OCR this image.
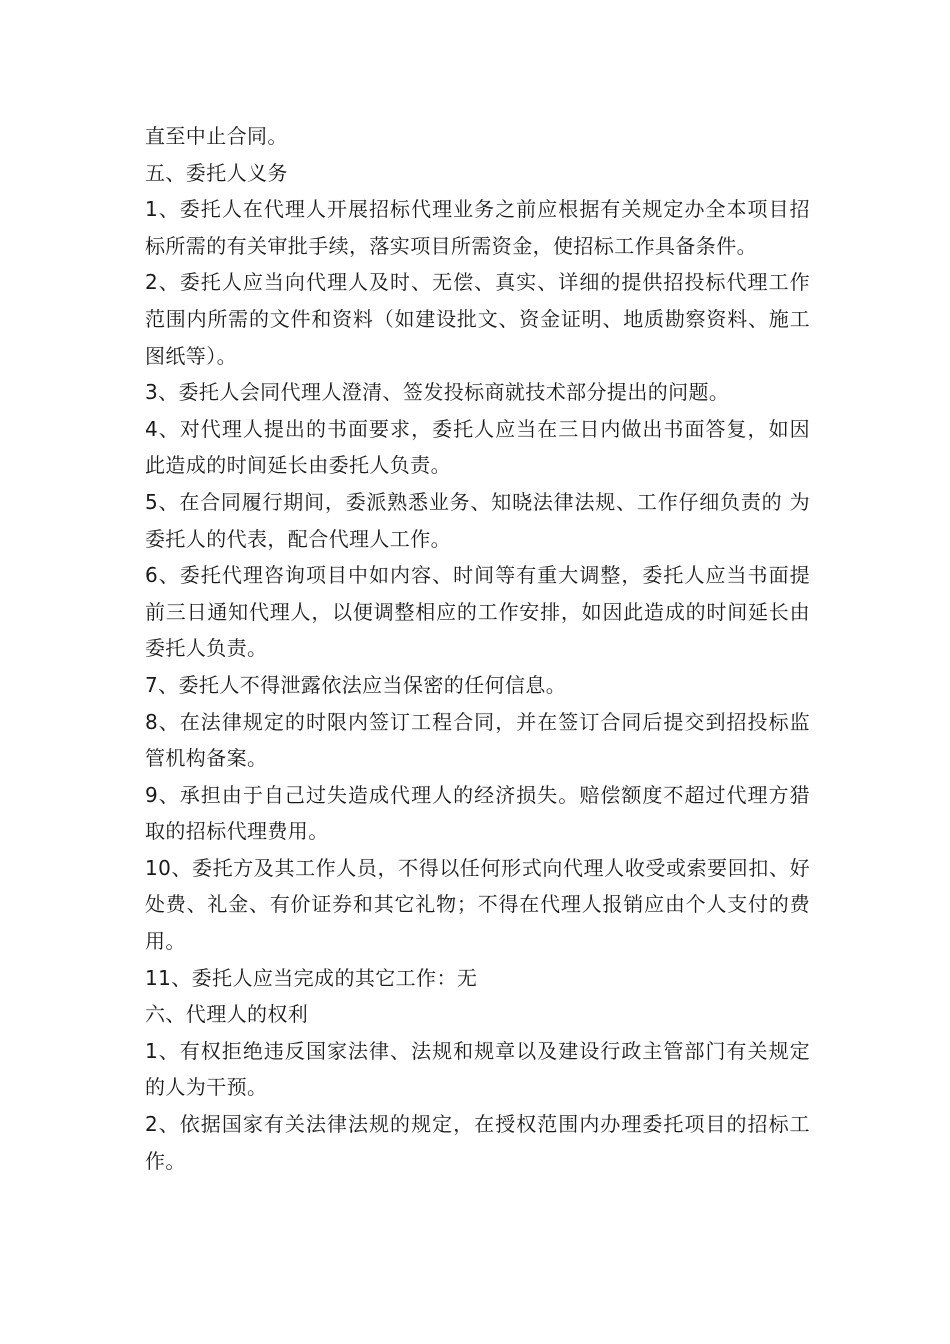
直至中止合同。

五、委托人义务

1、委托人在代理人开展招标代理业务之前应根据有关规定办全本项目招标所需的有关审批手续，落实项目所需资金，使招标工作具备条件。

2、委托人应当向代理人及时、无偿、真实、详细的提供招投标代理工作范围内所需的文件和资料（如建设批文、资金证明、地质勘察资料、施工图纸等）。

3、委托人会同代理人澄清、签发投标商就技术部分提出的问题。

4、对代理人提出的书面要求，委托人应当在三日内做出书面答复，如因此造成的时间延长由委托人负责。

5、在合同履行期间，委派熟悉业务、知晓法律法规、工作仔细负责的 为委托人的代表，配合代理人工作。

6、委托代理咨询项目中如内容、时间等有重大调整，委托人应当书面提前三日通知代理人，以便调整相应的工作安排，如因此造成的时间延长由委托人负责。

7、委托人不得泄露依法应当保密的任何信息。

8、在法律规定的时限内签订工程合同，并在签订合同后提交到招投标监管机构备案。

9、承担由于自己过失造成代理人的经济损失。赔偿额度不超过代理方猎取的招标代理费用。

10、委托方及其工作人员，不得以任何形式向代理人收受或索要回扣、好处费、礼金、有价证券和其它礼物；不得在代理人报销应由个人支付的费用。

11、委托人应当完成的其它工作：无

六、代理人的权利

1、有权拒绝违反国家法律、法规和规章以及建设行政主管部门有关规定的人为干预。

2、依据国家有关法律法规的规定，在授权范围内办理委托项目的招标工作。
